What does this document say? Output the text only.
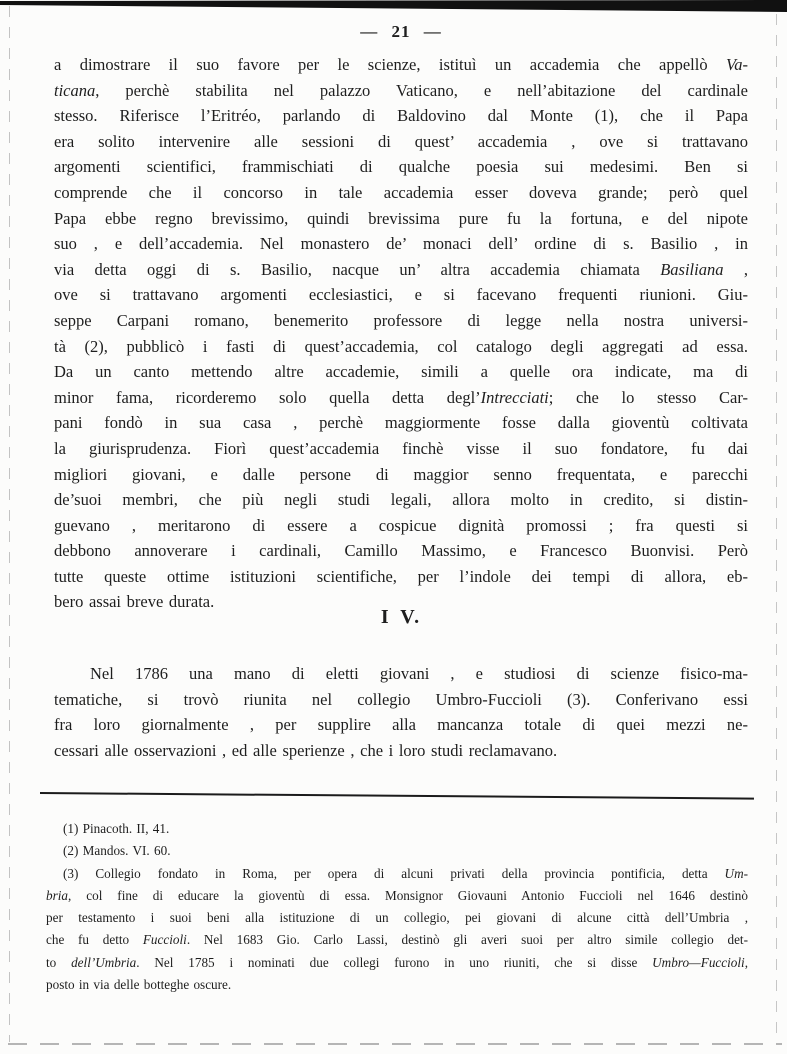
— 21 —
a dimostrare il suo favore per le scienze, istituì un accademia che appellò Va-
ticana, perchè stabilita nel palazzo Vaticano, e nell’abitazione del cardinale
stesso. Riferisce l’Eritréo, parlando di Baldovino dal Monte (1), che il Papa
era solito intervenire alle sessioni di quest’ accademia , ove si trattavano
argomenti scientifici, frammischiati di qualche poesia sui medesimi. Ben si
comprende che il concorso in tale accademia esser doveva grande; però quel
Papa ebbe regno brevissimo, quindi brevissima pure fu la fortuna, e del nipote
suo , e dell’accademia. Nel monastero de’ monaci dell’ ordine di s. Basilio , in
via detta oggi di s. Basilio, nacque un’ altra accademia chiamata Basiliana ,
ove si trattavano argomenti ecclesiastici, e si facevano frequenti riunioni. Giu-
seppe Carpani romano, benemerito professore di legge nella nostra universi-
tà (2), pubblicò i fasti di quest’accademia, col catalogo degli aggregati ad essa.
Da un canto mettendo altre accademie, simili a quelle ora indicate, ma di
minor fama, ricorderemo solo quella detta degl’Intrecciati; che lo stesso Car-
pani fondò in sua casa , perchè maggiormente fosse dalla gioventù coltivata
la giurisprudenza. Fiorì quest’accademia finchè visse il suo fondatore, fu dai
migliori giovani, e dalle persone di maggior senno frequentata, e parecchi
de’suoi membri, che più negli studi legali, allora molto in credito, si distin-
guevano , meritarono di essere a cospicue dignità promossi ; fra questi si
debbono annoverare i cardinali, Camillo Massimo, e Francesco Buonvisi. Però
tutte queste ottime istituzioni scientifiche, per l’indole dei tempi di allora, eb-
bero assai breve durata.
I V.
Nel 1786 una mano di eletti giovani , e studiosi di scienze fisico-ma-
tematiche, si trovò riunita nel collegio Umbro-Fuccioli (3). Conferivano essi
fra loro giornalmente , per supplire alla mancanza totale di quei mezzi ne-
cessari alle osservazioni , ed alle sperienze , che i loro studi reclamavano.
(1) Pinacoth. II, 41.
(2) Mandos. VI. 60.
(3) Collegio fondato in Roma, per opera di alcuni privati della provincia pontificia, detta Um-
bria, col fine di educare la gioventù di essa. Monsignor Giovauni Antonio Fuccioli nel 1646 destinò
per testamento i suoi beni alla istituzione di un collegio, pei giovani di alcune città dell’Umbria ,
che fu detto Fuccioli. Nel 1683 Gio. Carlo Lassi, destinò gli averi suoi per altro simile collegio det-
to dell’Umbria. Nel 1785 i nominati due collegi furono in uno riuniti, che si disse Umbro—Fuccioli,
posto in via delle botteghe oscure.
